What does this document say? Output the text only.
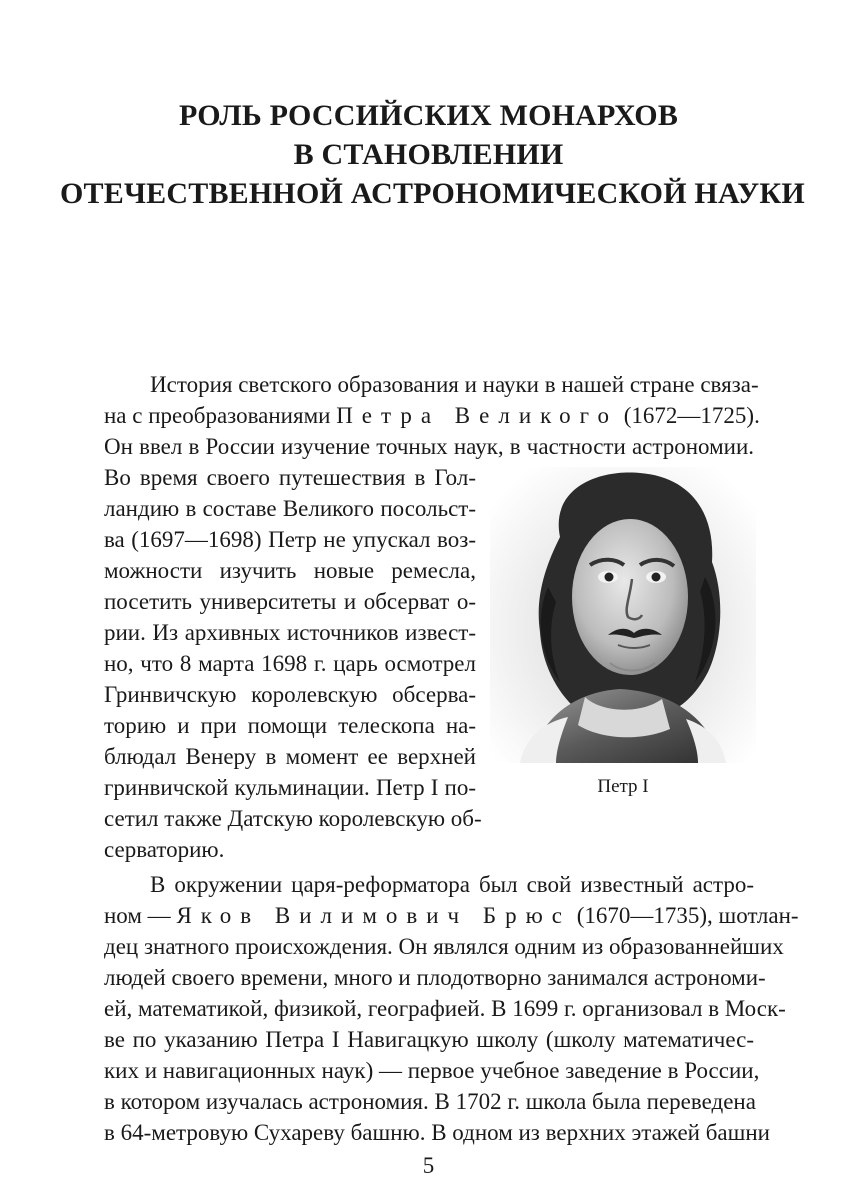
РОЛЬ РОССИЙСКИХ МОНАРХОВ
В СТАНОВЛЕНИИ
ОТЕЧЕСТВЕННОЙ АСТРОНОМИЧЕСКОЙ НАУКИ
История светского образования и науки в нашей стране связа-
на с преобразованиями Петра Великого (1672—1725).
Он ввел в России изучение точных наук, в частности астрономии.
Во время своего путешествия в Гол-
ландию в составе Великого посольст-
ва (1697—1698) Петр не упускал воз-
можности изучить новые ремесла,
посетить университеты и обсерват о-
рии. Из архивных источников извест-
но, что 8 марта 1698 г. царь осмотрел
Гринвичскую королевскую обсерва-
торию и при помощи телескопа на-
блюдал Венеру в момент ее верхней
гринвичской кульминации. Петр I по-
сетил также Датскую королевскую об-
серваторию.
Петр I
В окружении царя-реформатора был свой известный астро-
ном — Яков Вилимович Брюс (1670—1735), шотлан-
дец знатного происхождения. Он являлся одним из образованнейших
людей своего времени, много и плодотворно занимался астрономи-
ей, математикой, физикой, географией. В 1699 г. организовал в Моск-
ве по указанию Петра I Навигацкую школу (школу математичес-
ких и навигационных наук) — первое учебное заведение в России,
в котором изучалась астрономия. В 1702 г. школа была переведена
в 64-метровую Сухареву башню. В одном из верхних этажей башни
5
